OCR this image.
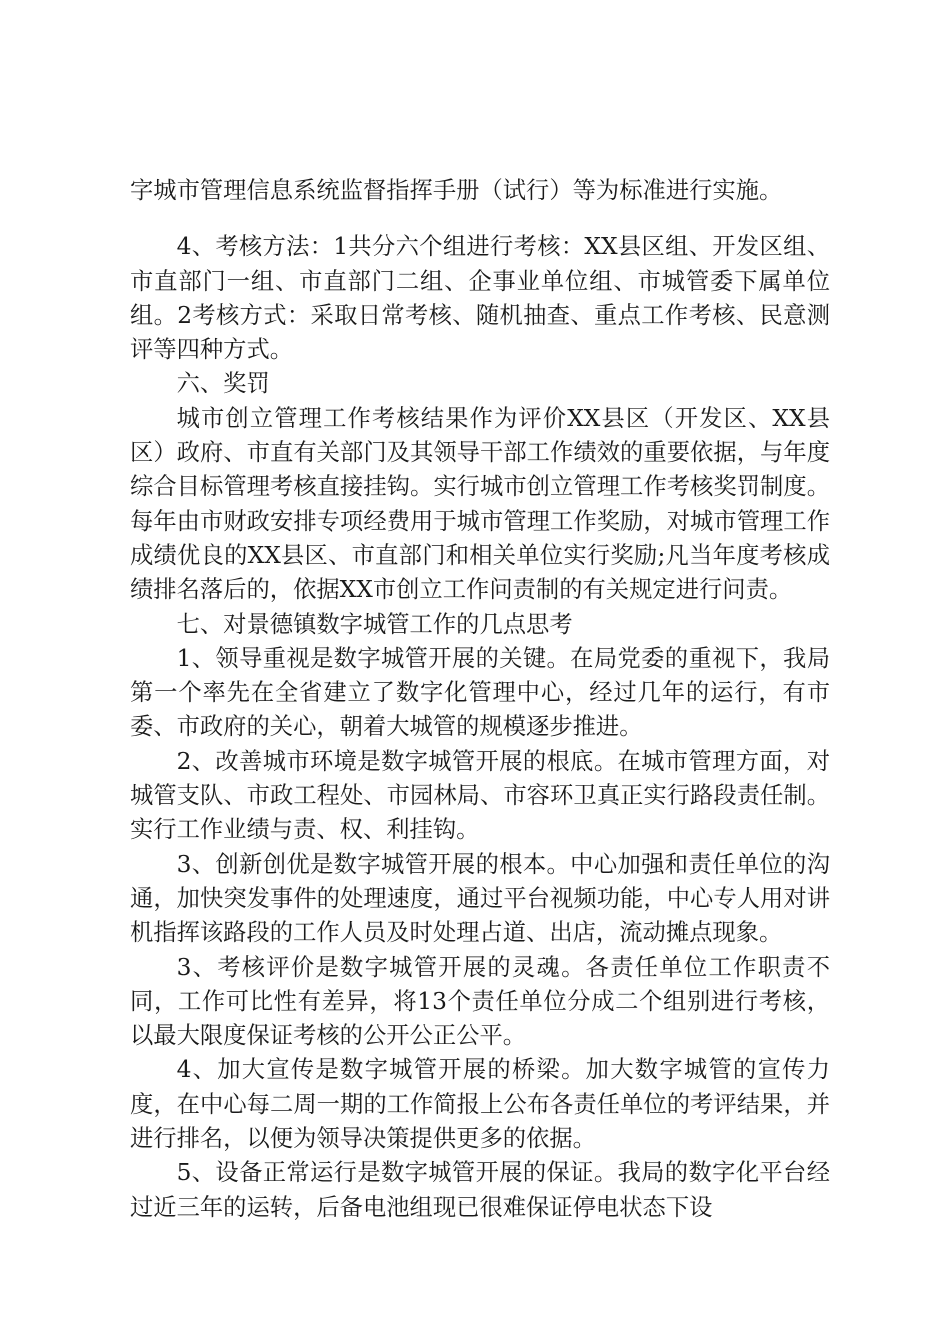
字城市管理信息系统监督指挥手册（试行）等为标准进行实施。

4、考核方法：1共分六个组进行考核：XX县区组、开发区组、市直部门一组、市直部门二组、企事业单位组、市城管委下属单位组。2考核方式：采取日常考核、随机抽查、重点工作考核、民意测评等四种方式。

六、奖罚

城市创立管理工作考核结果作为评价XX县区（开发区、XX县区）政府、市直有关部门及其领导干部工作绩效的重要依据，与年度综合目标管理考核直接挂钩。实行城市创立管理工作考核奖罚制度。每年由市财政安排专项经费用于城市管理工作奖励，对城市管理工作成绩优良的XX县区、市直部门和相关单位实行奖励;凡当年度考核成绩排名落后的，依据XX市创立工作问责制的有关规定进行问责。

七、对景德镇数字城管工作的几点思考

1、领导重视是数字城管开展的关键。在局党委的重视下，我局第一个率先在全省建立了数字化管理中心，经过几年的运行，有市委、市政府的关心，朝着大城管的规模逐步推进。

2、改善城市环境是数字城管开展的根底。在城市管理方面，对城管支队、市政工程处、市园林局、市容环卫真正实行路段责任制。实行工作业绩与责、权、利挂钩。

3、创新创优是数字城管开展的根本。中心加强和责任单位的沟通，加快突发事件的处理速度，通过平台视频功能，中心专人用对讲机指挥该路段的工作人员及时处理占道、出店，流动摊点现象。

3、考核评价是数字城管开展的灵魂。各责任单位工作职责不同，工作可比性有差异，将13个责任单位分成二个组别进行考核，以最大限度保证考核的公开公正公平。

4、加大宣传是数字城管开展的桥梁。加大数字城管的宣传力度，在中心每二周一期的工作简报上公布各责任单位的考评结果，并进行排名，以便为领导决策提供更多的依据。

5、设备正常运行是数字城管开展的保证。我局的数字化平台经过近三年的运转，后备电池组现已很难保证停电状态下设
